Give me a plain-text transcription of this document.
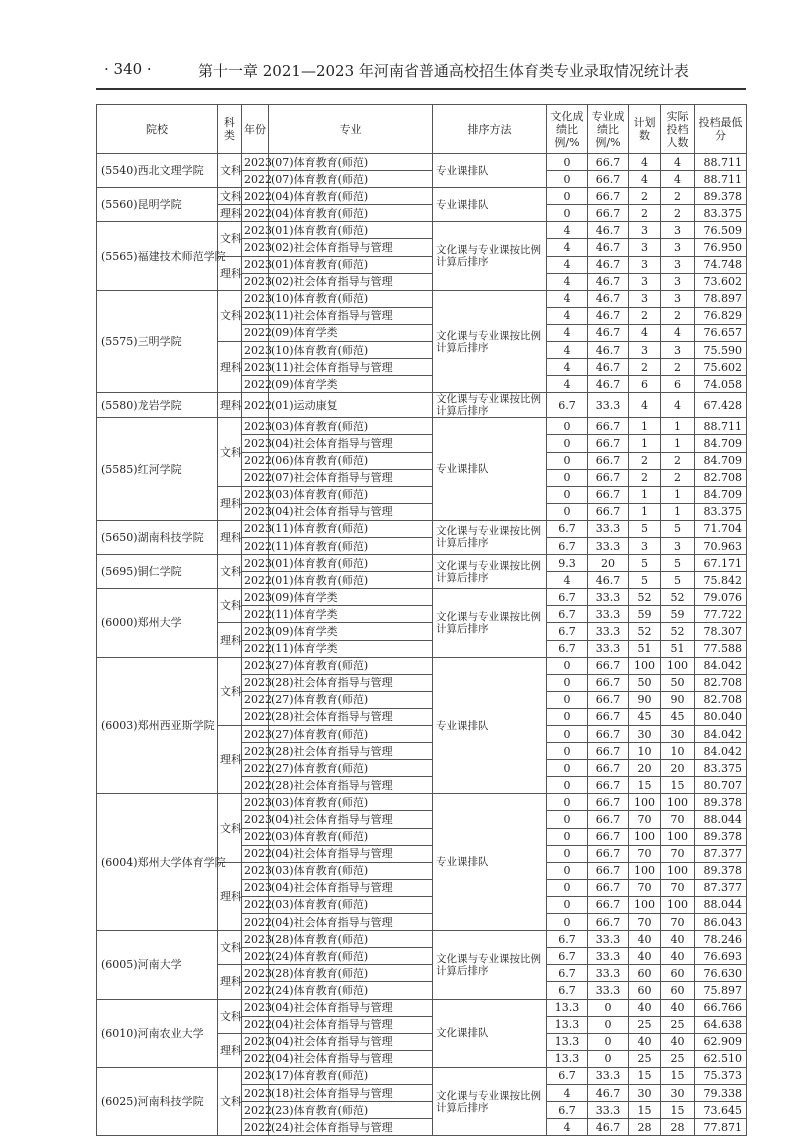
· 340 ·	第十一章 2021—2023 年河南省普通高校招生体育类专业录取情况统计表
院校	科类	年份	专业	排序方法	文化成绩比例/%	专业成绩比例/%	计划数	实际投档人数	投档最低分
(5540)西北文理学院	文科	2023	(07)体育教育(师范)	专业课排队	0	66.7	4	4	88.711
		2022	(07)体育教育(师范)		0	66.7	4	4	88.711
(5560)昆明学院	文科	2022	(04)体育教育(师范)	专业课排队	0	66.7	2	2	89.378
	理科	2022	(04)体育教育(师范)		0	66.7	2	2	83.375
(5565)福建技术师范学院	文科	2023	(01)体育教育(师范)	文化课与专业课按比例计算后排序	4	46.7	3	3	76.509
		2023	(02)社会体育指导与管理		4	46.7	3	3	76.950
	理科	2023	(01)体育教育(师范)		4	46.7	3	3	74.748
		2023	(02)社会体育指导与管理		4	46.7	3	3	73.602
(5575)三明学院	文科	2023	(10)体育教育(师范)	文化课与专业课按比例计算后排序	4	46.7	3	3	78.897
		2023	(11)社会体育指导与管理		4	46.7	2	2	76.829
		2022	(09)体育学类		4	46.7	4	4	76.657
	理科	2023	(10)体育教育(师范)		4	46.7	3	3	75.590
		2023	(11)社会体育指导与管理		4	46.7	2	2	75.602
		2022	(09)体育学类		4	46.7	6	6	74.058
(5580)龙岩学院	理科	2022	(01)运动康复	文化课与专业课按比例计算后排序	6.7	33.3	4	4	67.428
(5585)红河学院	文科	2023	(03)体育教育(师范)	专业课排队	0	66.7	1	1	88.711
		2023	(04)社会体育指导与管理		0	66.7	1	1	84.709
		2022	(06)体育教育(师范)		0	66.7	2	2	84.709
		2022	(07)社会体育指导与管理		0	66.7	2	2	82.708
	理科	2023	(03)体育教育(师范)		0	66.7	1	1	84.709
		2023	(04)社会体育指导与管理		0	66.7	1	1	83.375
(5650)湖南科技学院	理科	2023	(11)体育教育(师范)	文化课与专业课按比例计算后排序	6.7	33.3	5	5	71.704
		2022	(11)体育教育(师范)		6.7	33.3	3	3	70.963
(5695)铜仁学院	文科	2023	(01)体育教育(师范)	文化课与专业课按比例计算后排序	9.3	20	5	5	67.171
		2022	(01)体育教育(师范)		4	46.7	5	5	75.842
(6000)郑州大学	文科	2023	(09)体育学类	文化课与专业课按比例计算后排序	6.7	33.3	52	52	79.076
		2022	(11)体育学类		6.7	33.3	59	59	77.722
	理科	2023	(09)体育学类		6.7	33.3	52	52	78.307
		2022	(11)体育学类		6.7	33.3	51	51	77.588
(6003)郑州西亚斯学院	文科	2023	(27)体育教育(师范)	专业课排队	0	66.7	100	100	84.042
		2023	(28)社会体育指导与管理		0	66.7	50	50	82.708
		2022	(27)体育教育(师范)		0	66.7	90	90	82.708
		2022	(28)社会体育指导与管理		0	66.7	45	45	80.040
	理科	2023	(27)体育教育(师范)		0	66.7	30	30	84.042
		2023	(28)社会体育指导与管理		0	66.7	10	10	84.042
		2022	(27)体育教育(师范)		0	66.7	20	20	83.375
		2022	(28)社会体育指导与管理		0	66.7	15	15	80.707
(6004)郑州大学体育学院	文科	2023	(03)体育教育(师范)	专业课排队	0	66.7	100	100	89.378
		2023	(04)社会体育指导与管理		0	66.7	70	70	88.044
		2022	(03)体育教育(师范)		0	66.7	100	100	89.378
		2022	(04)社会体育指导与管理		0	66.7	70	70	87.377
	理科	2023	(03)体育教育(师范)		0	66.7	100	100	89.378
		2023	(04)社会体育指导与管理		0	66.7	70	70	87.377
		2022	(03)体育教育(师范)		0	66.7	100	100	88.044
		2022	(04)社会体育指导与管理		0	66.7	70	70	86.043
(6005)河南大学	文科	2023	(28)体育教育(师范)	文化课与专业课按比例计算后排序	6.7	33.3	40	40	78.246
		2022	(24)体育教育(师范)		6.7	33.3	40	40	76.693
	理科	2023	(28)体育教育(师范)		6.7	33.3	60	60	76.630
		2022	(24)体育教育(师范)		6.7	33.3	60	60	75.897
(6010)河南农业大学	文科	2023	(04)社会体育指导与管理	文化课排队	13.3	0	40	40	66.766
		2022	(04)社会体育指导与管理		13.3	0	25	25	64.638
	理科	2023	(04)社会体育指导与管理		13.3	0	40	40	62.909
		2022	(04)社会体育指导与管理		13.3	0	25	25	62.510
(6025)河南科技学院	文科	2023	(17)体育教育(师范)	文化课与专业课按比例计算后排序	6.7	33.3	15	15	75.373
		2023	(18)社会体育指导与管理		4	46.7	30	30	79.338
		2022	(23)体育教育(师范)		6.7	33.3	15	15	73.645
		2022	(24)社会体育指导与管理		4	46.7	28	28	77.871
